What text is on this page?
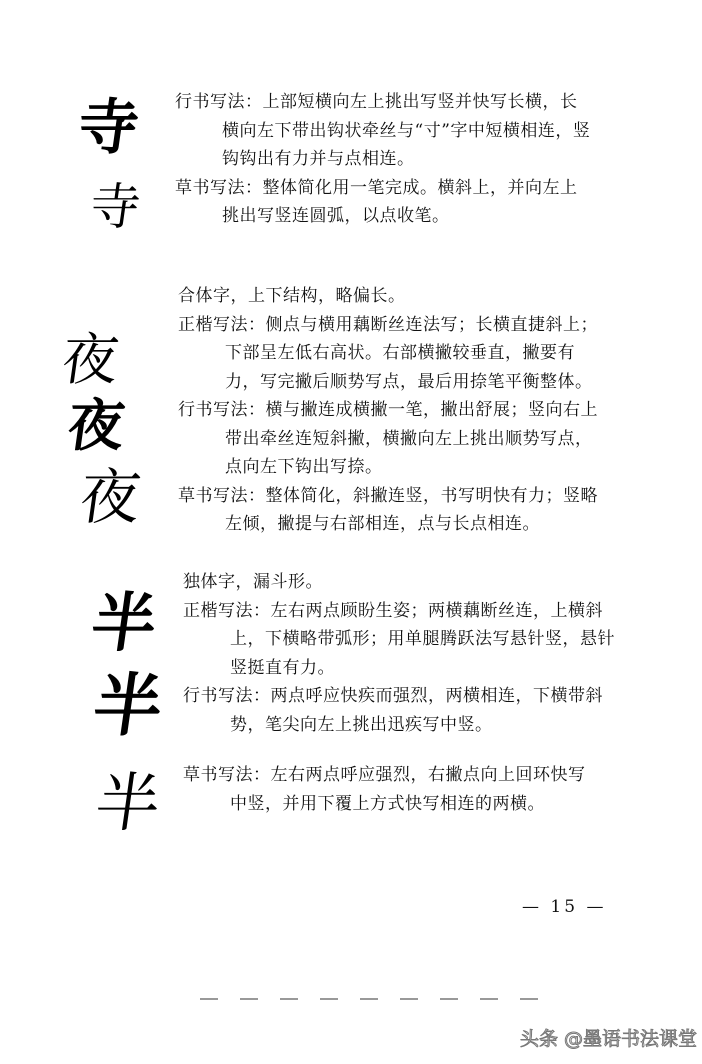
寺
寺
夜
夜
夜
半
半
半
行书写法：上部短横向左上挑出写竖并快写长横，长
横向左下带出钩状牵丝与“寸”字中短横相连，竖
钩钩出有力并与点相连。
草书写法：整体简化用一笔完成。横斜上，并向左上
挑出写竖连圆弧，以点收笔。
合体字，上下结构，略偏长。
正楷写法：侧点与横用藕断丝连法写；长横直捷斜上；
下部呈左低右高状。右部横撇较垂直，撇要有
力，写完撇后顺势写点，最后用捺笔平衡整体。
行书写法：横与撇连成横撇一笔，撇出舒展；竖向右上
带出牵丝连短斜撇，横撇向左上挑出顺势写点，
点向左下钩出写捺。
草书写法：整体简化，斜撇连竖，书写明快有力；竖略
左倾，撇提与右部相连，点与长点相连。
独体字，漏斗形。
正楷写法：左右两点顾盼生姿；两横藕断丝连，上横斜
上，下横略带弧形；用单腿腾跃法写悬针竖，悬针
竖挺直有力。
行书写法：两点呼应快疾而强烈，两横相连，下横带斜
势，笔尖向左上挑出迅疾写中竖。
草书写法：左右两点呼应强烈，右撇点向上回环快写
中竖，并用下覆上方式快写相连的两横。
— 15 —
头条 @墨语书法课堂
